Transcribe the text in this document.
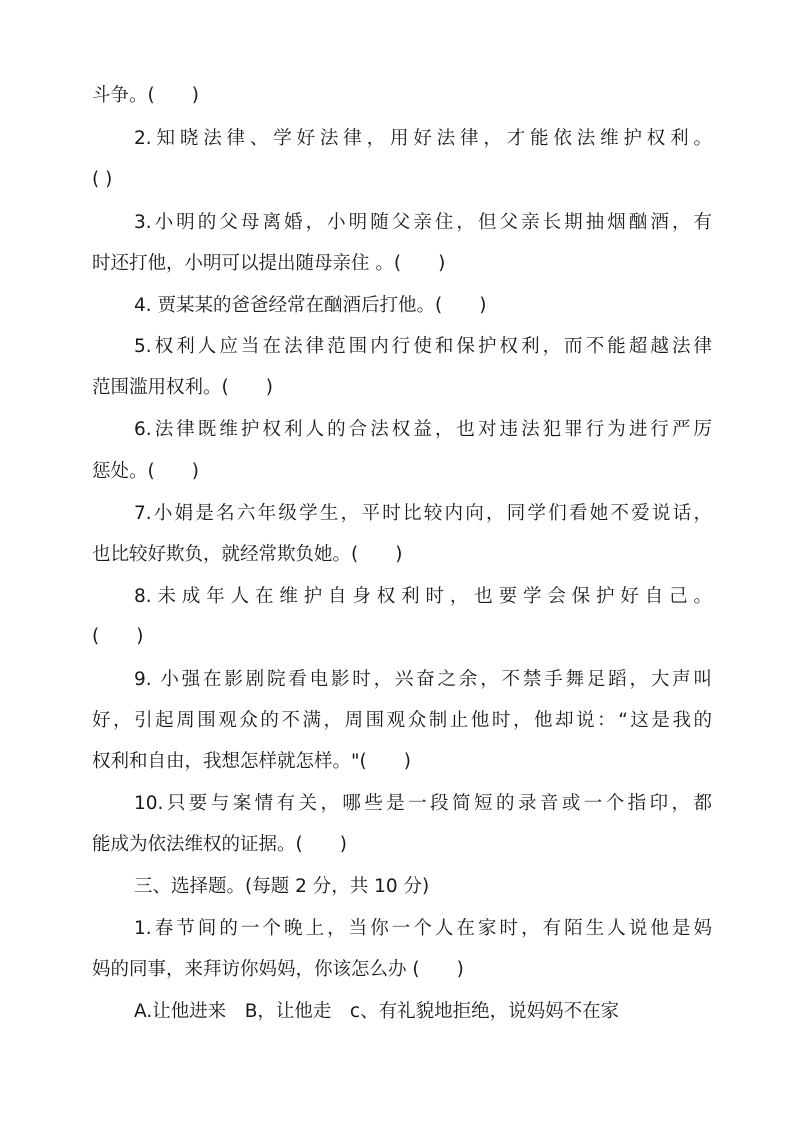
斗争。(　　)
2.知晓法律、学好法律，用好法律，才能依法维护权利。
( )
3.小明的父母离婚，小明随父亲住，但父亲长期抽烟酗酒，有
时还打他，小明可以提出随母亲住 。(　　)
4. 贾某某的爸爸经常在酗酒后打他。(　　)
5.权利人应当在法律范围内行使和保护权利，而不能超越法律
范围滥用权利。(　　)
6.法律既维护权利人的合法权益，也对违法犯罪行为进行严厉
惩处。(　　)
7.小娟是名六年级学生，平时比较内向，同学们看她不爱说话，
也比较好欺负，就经常欺负她。(　　)
8.未成年人在维护自身权利时，也要学会保护好自己。
(　　)
9. 小强在影剧院看电影时，兴奋之余，不禁手舞足蹈，大声叫
好，引起周围观众的不满，周围观众制止他时，他却说：“这是我的
权利和自由，我想怎样就怎样。"(　　)
10.只要与案情有关，哪些是一段简短的录音或一个指印，都
能成为依法维权的证据。(　　)
三、选择题。(每题 2 分，共 10 分)
1.春节间的一个晚上，当你一个人在家时，有陌生人说他是妈
妈的同事，来拜访你妈妈，你该怎么办 (　　)
A.让他进来　B，让他走　c、有礼貌地拒绝，说妈妈不在家
